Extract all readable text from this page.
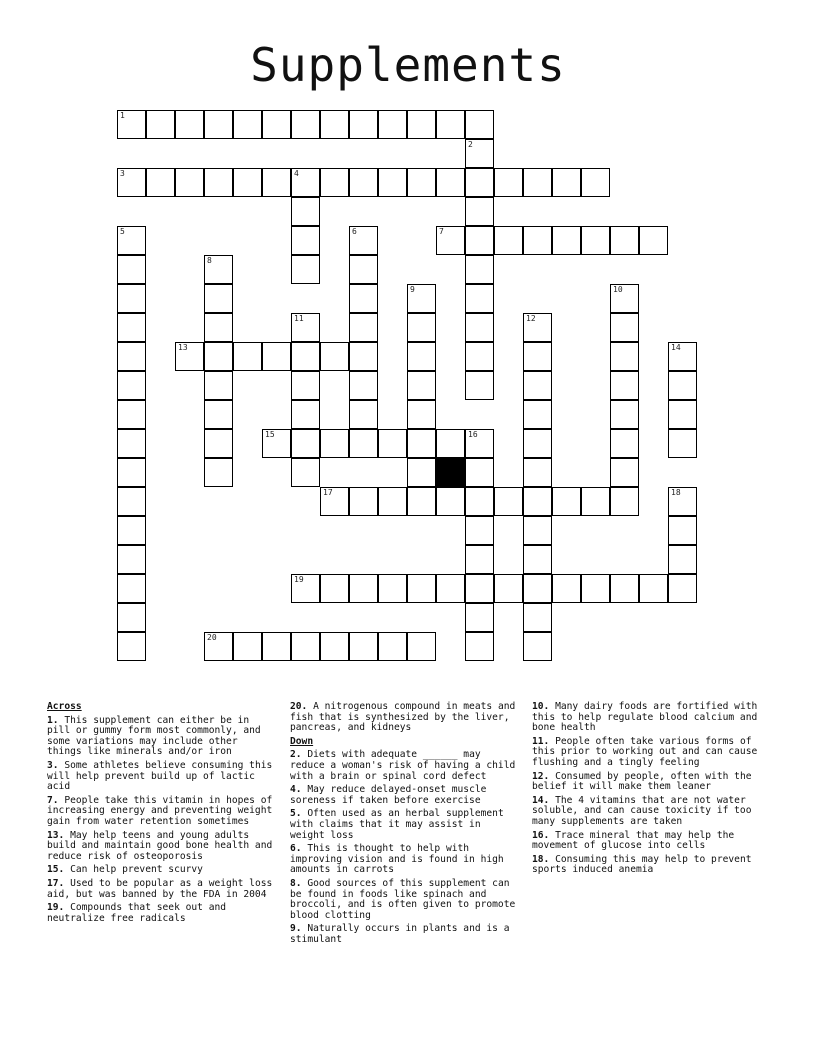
Supplements
1
2
3	4
5	6	7
8
9	10
11	12
13	14
15	16
17	18
19
20
Across
1. This supplement can either be in pill or gummy form most commonly, and some variations may include other things like minerals and/or iron
3. Some athletes believe consuming this will help prevent build up of lactic acid
7. People take this vitamin in hopes of increasing energy and preventing weight gain from water retention sometimes
13. May help teens and young adults build and maintain good bone health and reduce risk of osteoporosis
15. Can help prevent scurvy
17. Used to be popular as a weight loss aid, but was banned by the FDA in 2004
19. Compounds that seek out and neutralize free radicals
20. A nitrogenous compound in meats and fish that is synthesized by the liver, pancreas, and kidneys
Down
2. Diets with adequate ______ may reduce a woman's risk of having a child with a brain or spinal cord defect
4. May reduce delayed-onset muscle soreness if taken before exercise
5. Often used as an herbal supplement with claims that it may assist in weight loss
6. This is thought to help with improving vision and is found in high amounts in carrots
8. Good sources of this supplement can be found in foods like spinach and broccoli, and is often given to promote blood clotting
9. Naturally occurs in plants and is a stimulant
10. Many dairy foods are fortified with this to help regulate blood calcium and bone health
11. People often take various forms of this prior to working out and can cause flushing and a tingly feeling
12. Consumed by people, often with the belief it will make them leaner
14. The 4 vitamins that are not water soluble, and can cause toxicity if too many supplements are taken
16. Trace mineral that may help the movement of glucose into cells
18. Consuming this may help to prevent sports induced anemia
